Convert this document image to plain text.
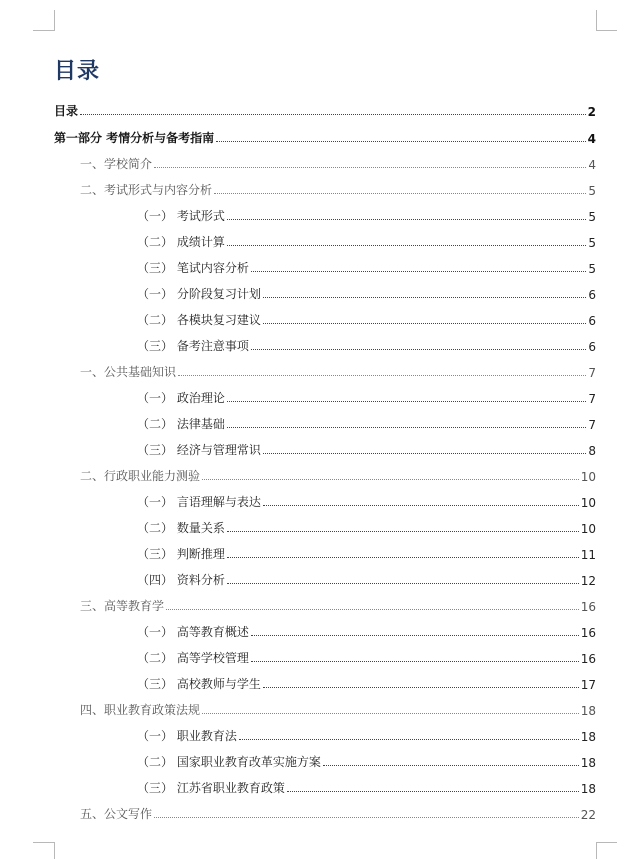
目录
目录	2
第一部分 考情分析与备考指南	4
一、学校简介	4
二、考试形式与内容分析	5
（一） 考试形式	5
（二） 成绩计算	5
（三） 笔试内容分析	5
（一） 分阶段复习计划	6
（二） 各模块复习建议	6
（三） 备考注意事项	6
一、公共基础知识	7
（一） 政治理论	7
（二） 法律基础	7
（三） 经济与管理常识	8
二、行政职业能力测验	10
（一） 言语理解与表达	10
（二） 数量关系	10
（三） 判断推理	11
（四） 资料分析	12
三、高等教育学	16
（一） 高等教育概述	16
（二） 高等学校管理	16
（三） 高校教师与学生	17
四、职业教育政策法规	18
（一） 职业教育法	18
（二） 国家职业教育改革实施方案	18
（三） 江苏省职业教育政策	18
五、公文写作	22
